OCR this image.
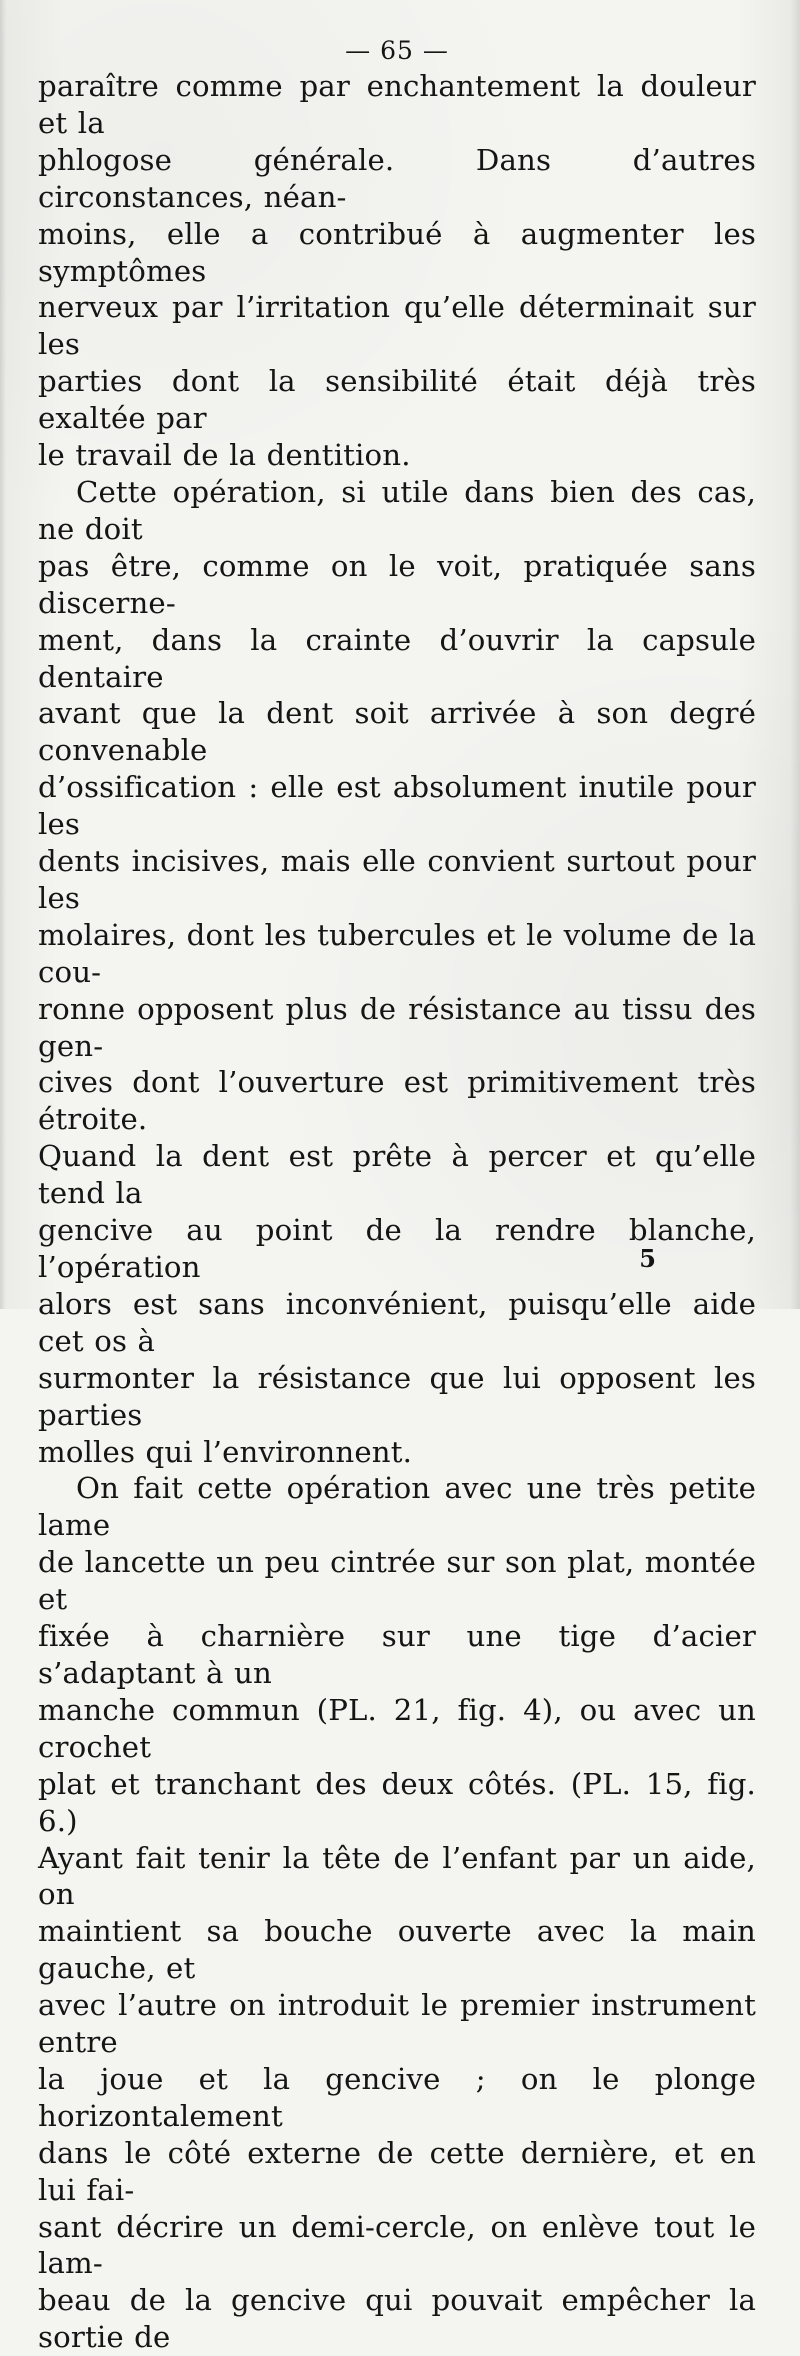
— 65 —

paraître comme par enchantement la douleur et la

phlogose générale. Dans d’autres circonstances, néan-

moins, elle a contribué à augmenter les symptômes

nerveux par l’irritation qu’elle déterminait sur les

parties dont la sensibilité était déjà très exaltée par

le travail de la dentition.

Cette opération, si utile dans bien des cas, ne doit

pas être, comme on le voit, pratiquée sans discerne-

ment, dans la crainte d’ouvrir la capsule dentaire

avant que la dent soit arrivée à son degré convenable

d’ossification : elle est absolument inutile pour les

dents incisives, mais elle convient surtout pour les

molaires, dont les tubercules et le volume de la cou-

ronne opposent plus de résistance au tissu des gen-

cives dont l’ouverture est primitivement très étroite.

Quand la dent est prête à percer et qu’elle tend la

gencive au point de la rendre blanche, l’opération

alors est sans inconvénient, puisqu’elle aide cet os à

surmonter la résistance que lui opposent les parties

molles qui l’environnent.

On fait cette opération avec une très petite lame

de lancette un peu cintrée sur son plat, montée et

fixée à charnière sur une tige d’acier s’adaptant à un

manche commun (PL. 21, fig. 4), ou avec un crochet

plat et tranchant des deux côtés. (PL. 15, fig. 6.)

Ayant fait tenir la tête de l’enfant par un aide, on

maintient sa bouche ouverte avec la main gauche, et

avec l’autre on introduit le premier instrument entre

la joue et la gencive ; on le plonge horizontalement

dans le côté externe de cette dernière, et en lui fai-

sant décrire un demi-cercle, on enlève tout le lam-

beau de la gencive qui pouvait empêcher la sortie de

5
